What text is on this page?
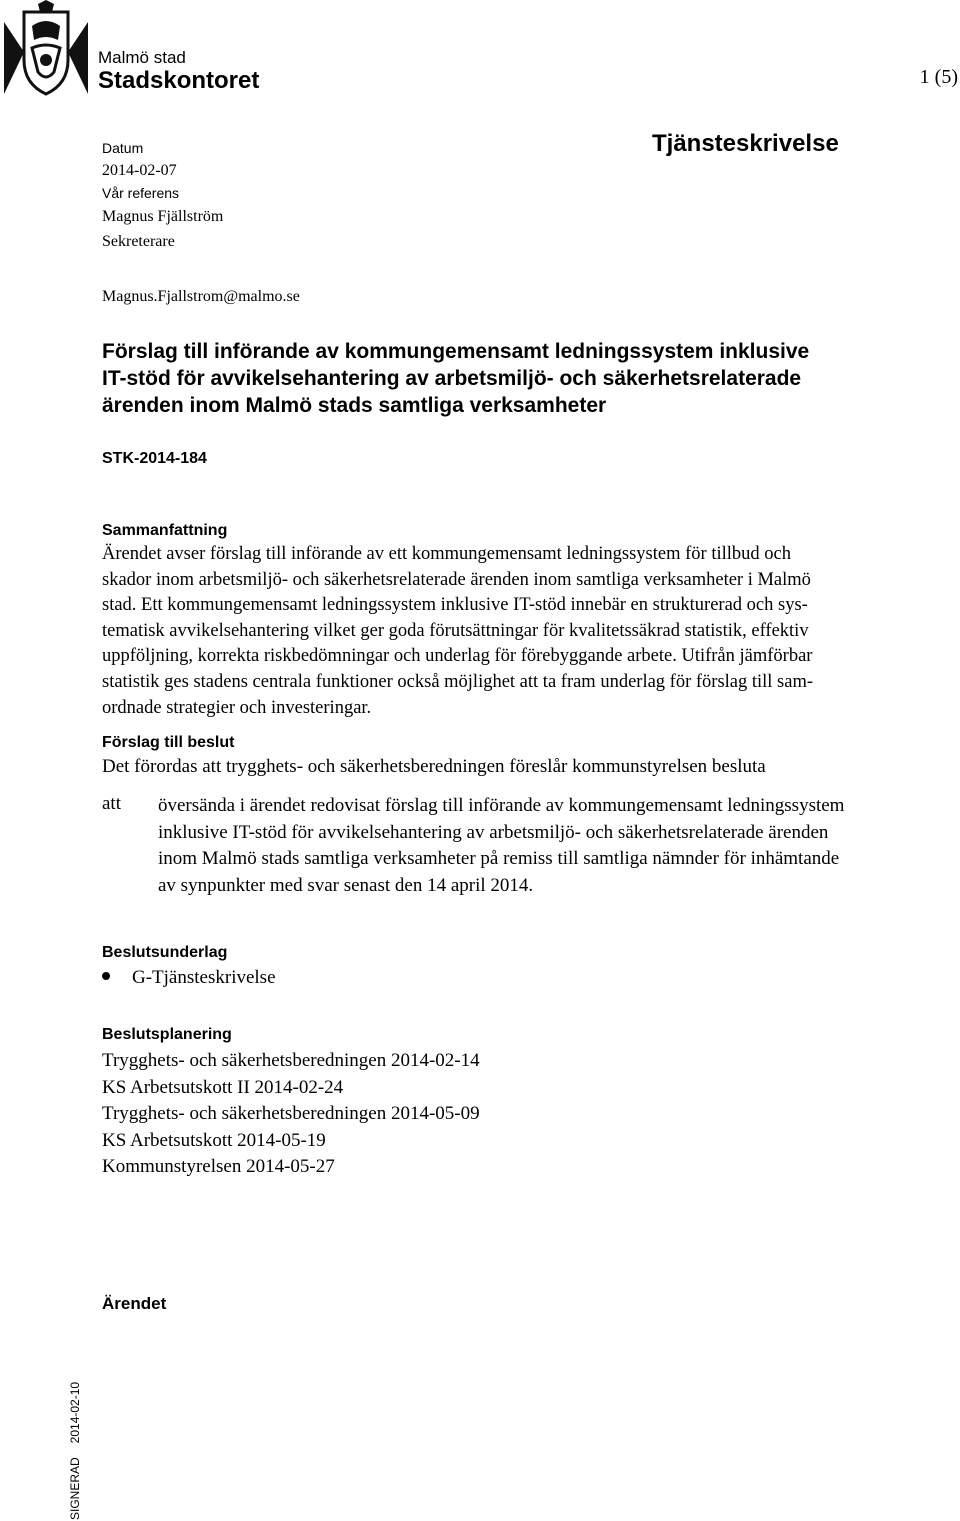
Malmö stad
Stadskontoret	1 (5)
Datum
2014-02-07
Vår referens
Magnus Fjällström
Sekreterare
Magnus.Fjallstrom@malmo.se
Tjänsteskrivelse
Förslag till införande av kommungemensamt ledningssystem inklusive
IT-stöd för avvikelsehantering av arbetsmiljö- och säkerhetsrelaterade
ärenden inom Malmö stads samtliga verksamheter
STK-2014-184
Sammanfattning
Ärendet avser förslag till införande av ett kommungemensamt ledningssystem för tillbud och
skador inom arbetsmiljö- och säkerhetsrelaterade ärenden inom samtliga verksamheter i Malmö
stad. Ett kommungemensamt ledningssystem inklusive IT-stöd innebär en strukturerad och sys-
tematisk avvikelsehantering vilket ger goda förutsättningar för kvalitetssäkrad statistik, effektiv
uppföljning, korrekta riskbedömningar och underlag för förebyggande arbete. Utifrån jämförbar
statistik ges stadens centrala funktioner också möjlighet att ta fram underlag för förslag till sam-
ordnade strategier och investeringar.
Förslag till beslut
Det förordas att trygghets- och säkerhetsberedningen föreslår kommunstyrelsen besluta
att översända i ärendet redovisat förslag till införande av kommungemensamt ledningssystem
inklusive IT-stöd för avvikelsehantering av arbetsmiljö- och säkerhetsrelaterade ärenden
inom Malmö stads samtliga verksamheter på remiss till samtliga nämnder för inhämtande
av synpunkter med svar senast den 14 april 2014.
Beslutsunderlag
G-Tjänsteskrivelse
Beslutsplanering
Trygghets- och säkerhetsberedningen 2014-02-14
KS Arbetsutskott II 2014-02-24
Trygghets- och säkerhetsberedningen 2014-05-09
KS Arbetsutskott 2014-05-19
Kommunstyrelsen 2014-05-27
Ärendet
SIGNERAD2014-02-10
